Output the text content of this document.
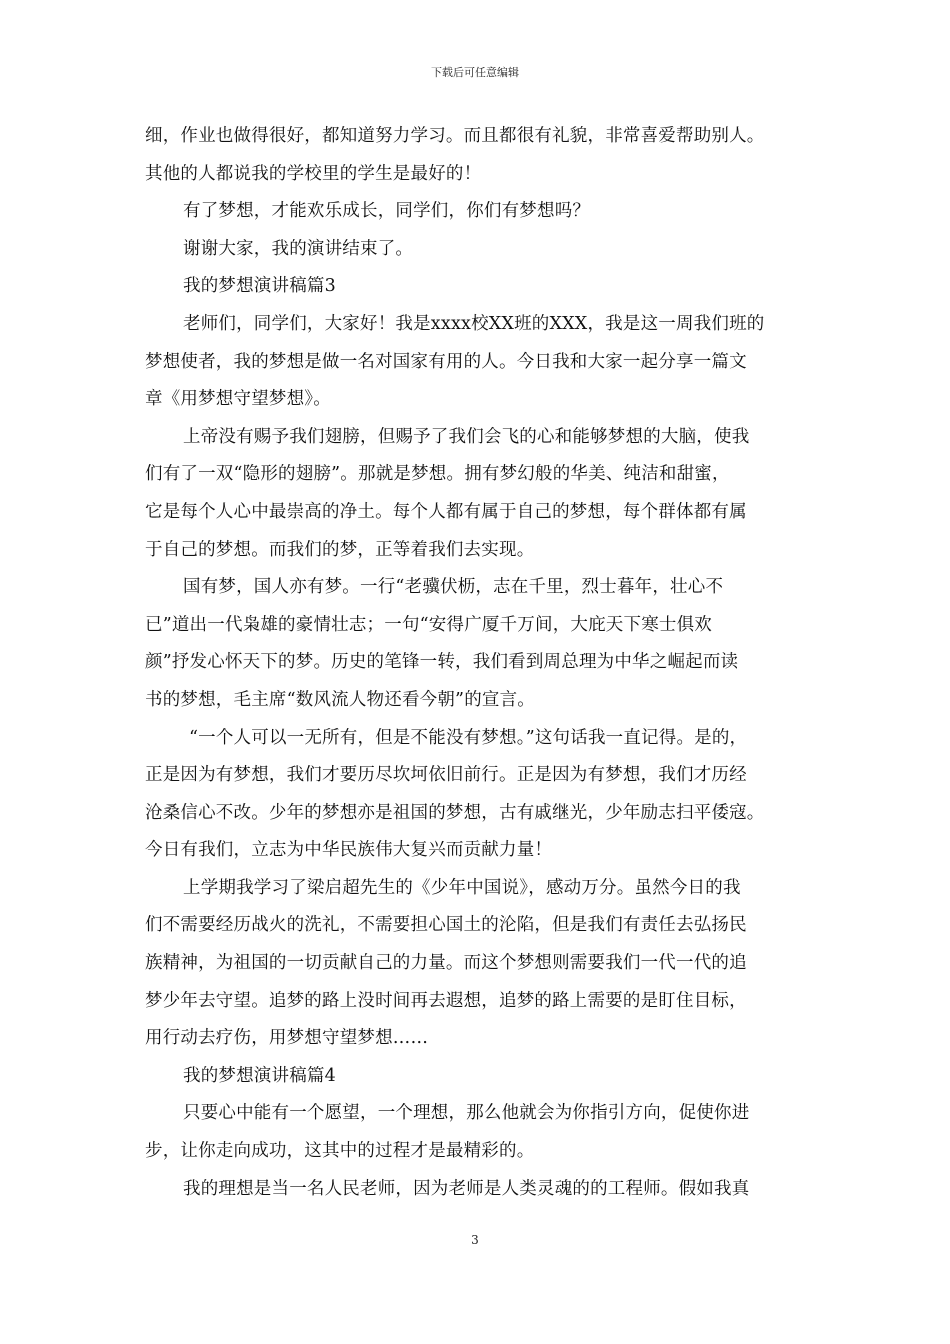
下载后可任意编辑
细，作业也做得很好，都知道努力学习。而且都很有礼貌，非常喜爱帮助别人。
其他的人都说我的学校里的学生是最好的！
有了梦想，才能欢乐成长，同学们，你们有梦想吗？
谢谢大家，我的演讲结束了。
我的梦想演讲稿篇3
老师们，同学们，大家好！我是xxxx校XX班的XXX，我是这一周我们班的
梦想使者，我的梦想是做一名对国家有用的人。今日我和大家一起分享一篇文
章《用梦想守望梦想》。
上帝没有赐予我们翅膀，但赐予了我们会飞的心和能够梦想的大脑，使我
们有了一双“隐形的翅膀”。那就是梦想。拥有梦幻般的华美、纯洁和甜蜜，
它是每个人心中最崇高的净土。每个人都有属于自己的梦想，每个群体都有属
于自己的梦想。而我们的梦，正等着我们去实现。
国有梦，国人亦有梦。一行“老骥伏枥，志在千里，烈士暮年，壮心不
已”道出一代枭雄的豪情壮志；一句“安得广厦千万间，大庇天下寒士俱欢
颜”抒发心怀天下的梦。历史的笔锋一转，我们看到周总理为中华之崛起而读
书的梦想，毛主席“数风流人物还看今朝”的宣言。
“一个人可以一无所有，但是不能没有梦想。”这句话我一直记得。是的，
正是因为有梦想，我们才要历尽坎坷依旧前行。正是因为有梦想，我们才历经
沧桑信心不改。少年的梦想亦是祖国的梦想，古有戚继光，少年励志扫平倭寇。
今日有我们，立志为中华民族伟大复兴而贡献力量！
上学期我学习了梁启超先生的《少年中国说》，感动万分。虽然今日的我
们不需要经历战火的洗礼，不需要担心国土的沦陷，但是我们有责任去弘扬民
族精神，为祖国的一切贡献自己的力量。而这个梦想则需要我们一代一代的追
梦少年去守望。追梦的路上没时间再去遐想，追梦的路上需要的是盯住目标，
用行动去疗伤，用梦想守望梦想……
我的梦想演讲稿篇4
只要心中能有一个愿望，一个理想，那么他就会为你指引方向，促使你进
步，让你走向成功，这其中的过程才是最精彩的。
我的理想是当一名人民老师，因为老师是人类灵魂的的工程师。假如我真
3
